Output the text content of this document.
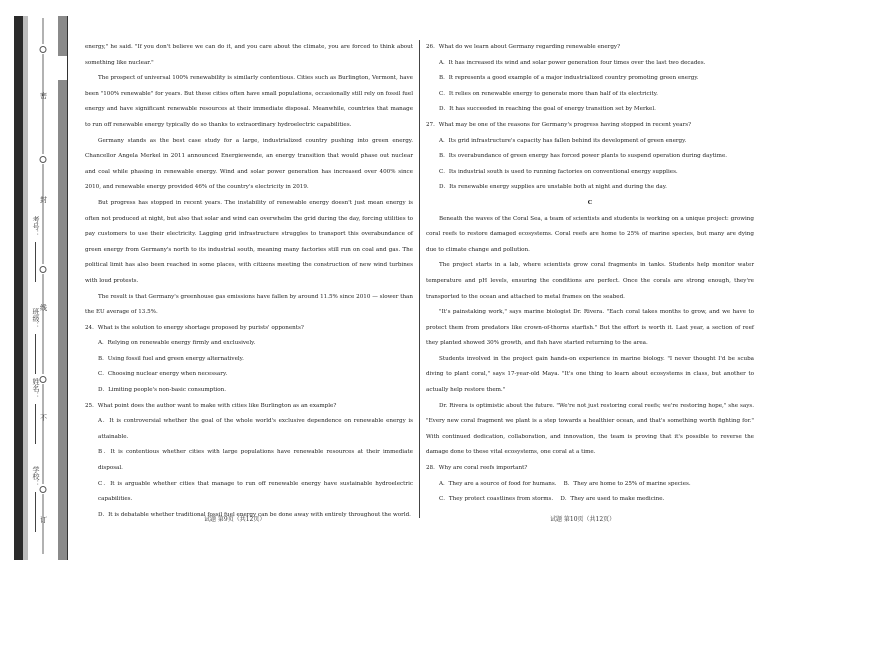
密
封
线
不
订
考号：
班级：
姓名：
学校：

energy," he said. "If you don't believe we can do it, and you care about the climate, you are forced to think about something like nuclear."

The prospect of universal 100% renewability is similarly contentious. Cities such as Burlington, Vermont, have been "100% renewable" for years. But these cities often have small populations, occasionally still rely on fossil fuel energy and have significant renewable resources at their immediate disposal. Meanwhile, countries that manage to run off renewable energy typically do so thanks to extraordinary hydroelectric capabilities.

Germany stands as the best case study for a large, industrialized country pushing into green energy. Chancellor Angela Merkel in 2011 announced Energiewende, an energy transition that would phase out nuclear and coal while phasing in renewable energy. Wind and solar power generation has increased over 400% since 2010, and renewable energy provided 46% of the country's electricity in 2019.

But progress has stopped in recent years. The instability of renewable energy doesn't just mean energy is often not produced at night, but also that solar and wind can overwhelm the grid during the day, forcing utilities to pay customers to use their electricity. Lagging grid infrastructure struggles to transport this overabundance of green energy from Germany's north to its industrial south, meaning many factories still run on coal and gas. The political limit has also been reached in some places, with citizens meeting the construction of new wind turbines with loud protests.

The result is that Germany's greenhouse gas emissions have fallen by around 11.5% since 2010 — slower than the EU average of 13.5%.

24．What is the solution to energy shortage proposed by purists' opponents?

A．Relying on renewable energy firmly and exclusively.

B．Using fossil fuel and green energy alternatively.

C．Choosing nuclear energy when necessary.

D．Limiting people's non-basic consumption.

25．What point does the author want to make with cities like Burlington as an example?

A．It is controversial whether the goal of the whole world's exclusive dependence on renewable energy is attainable.

B．It is contentious whether cities with large populations have renewable resources at their immediate disposal.

C．It is arguable whether cities that manage to run off renewable energy have sustainable hydroelectric capabilities.

D．It is debatable whether traditional fossil fuel energy can be done away with entirely throughout the world.

26．What do we learn about Germany regarding renewable energy?

A．It has increased its wind and solar power generation four times over the last two decades.

B．It represents a good example of a major industrialized country promoting green energy.

C．It relies on renewable energy to generate more than half of its electricity.

D．It has succeeded in reaching the goal of energy transition set by Merkel.

27．What may be one of the reasons for Germany's progress having stopped in recent years?

A．Its grid infrastructure's capacity has fallen behind its development of green energy.

B．Its overabundance of green energy has forced power plants to suspend operation during daytime.

C．Its industrial south is used to running factories on conventional energy supplies.

D．Its renewable energy supplies are unstable both at night and during the day.

C

Beneath the waves of the Coral Sea, a team of scientists and students is working on a unique project: growing coral reefs to restore damaged ecosystems. Coral reefs are home to 25% of marine species, but many are dying due to climate change and pollution.

The project starts in a lab, where scientists grow coral fragments in tanks. Students help monitor water temperature and pH levels, ensuring the conditions are perfect. Once the corals are strong enough, they're transported to the ocean and attached to metal frames on the seabed.

"It's painstaking work," says marine biologist Dr. Rivera. "Each coral takes months to grow, and we have to protect them from predators like crown-of-thorns starfish." But the effort is worth it. Last year, a section of reef they planted showed 30% growth, and fish have started returning to the area.

Students involved in the project gain hands-on experience in marine biology. "I never thought I'd be scuba diving to plant coral," says 17-year-old Maya. "It's one thing to learn about ecosystems in class, but another to actually help restore them."

Dr. Rivera is optimistic about the future. "We're not just restoring coral reefs; we're restoring hope," she says. "Every new coral fragment we plant is a step towards a healthier ocean, and that's something worth fighting for." With continued dedication, collaboration, and innovation, the team is proving that it's possible to reverse the damage done to these vital ecosystems, one coral at a time.

28．Why are coral reefs important?

A．They are a source of food for humans. B．They are home to 25% of marine species.

C．They protect coastlines from storms. D．They are used to make medicine.

试题 第9页（共12页）	试题 第10页（共12页）
